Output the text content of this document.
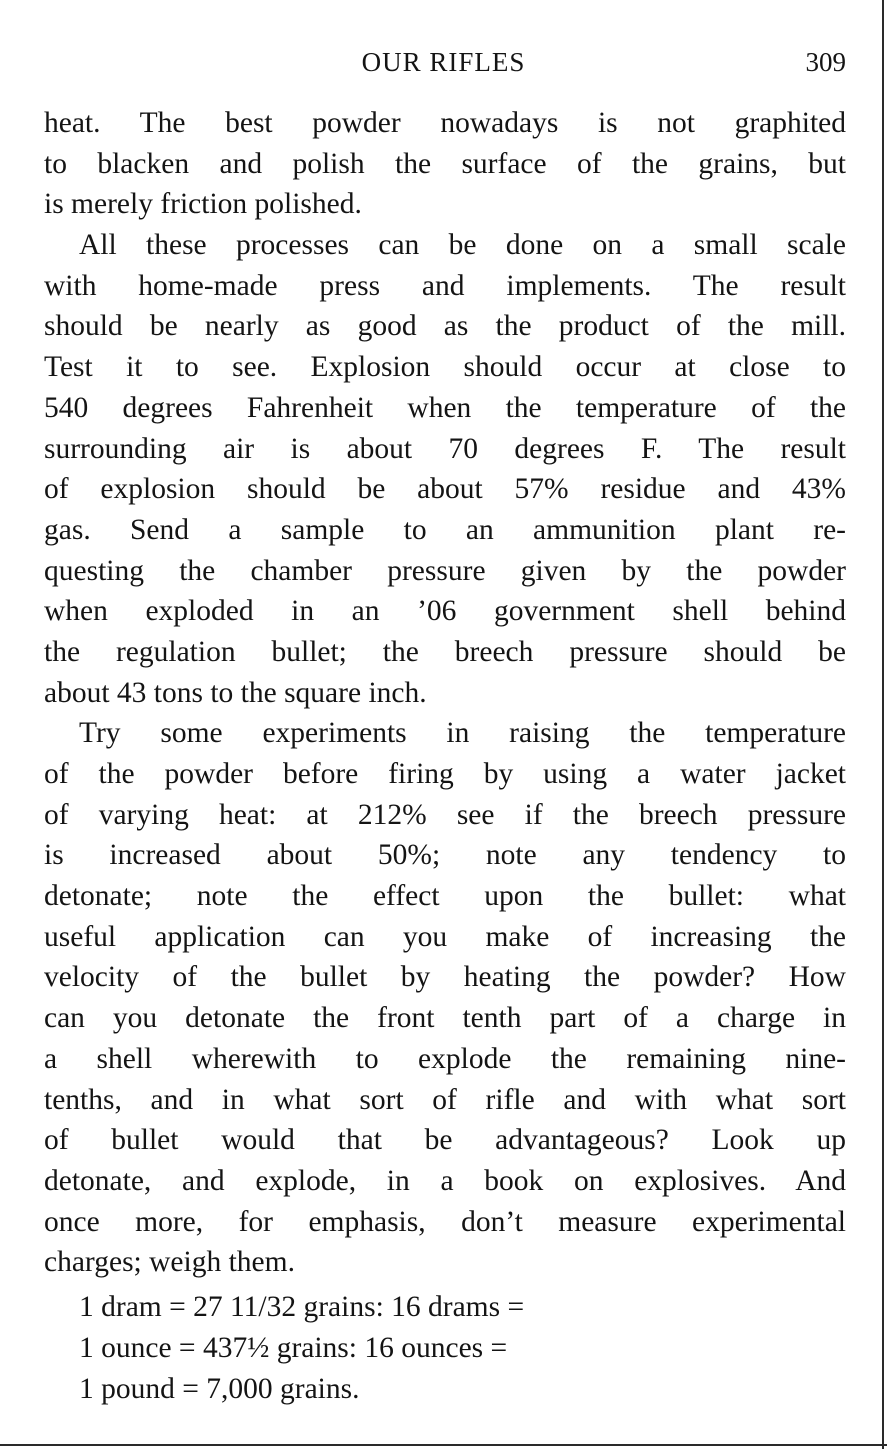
OUR RIFLES	309
heat. The best powder nowadays is not graphited
to blacken and polish the surface of the grains, but
is merely friction polished.
All these processes can be done on a small scale
with home-made press and implements. The result
should be nearly as good as the product of the mill.
Test it to see. Explosion should occur at close to
540 degrees Fahrenheit when the temperature of the
surrounding air is about 70 degrees F. The result
of explosion should be about 57% residue and 43%
gas. Send a sample to an ammunition plant re-
questing the chamber pressure given by the powder
when exploded in an ’06 government shell behind
the regulation bullet; the breech pressure should be
about 43 tons to the square inch.
Try some experiments in raising the temperature
of the powder before firing by using a water jacket
of varying heat: at 212% see if the breech pressure
is increased about 50%; note any tendency to
detonate; note the effect upon the bullet: what
useful application can you make of increasing the
velocity of the bullet by heating the powder? How
can you detonate the front tenth part of a charge in
a shell wherewith to explode the remaining nine-
tenths, and in what sort of rifle and with what sort
of bullet would that be advantageous? Look up
detonate, and explode, in a book on explosives. And
once more, for emphasis, don’t measure experimental
charges; weigh them.
1 dram = 27 11/32 grains: 16 drams =
1 ounce = 437½ grains: 16 ounces =
1 pound = 7,000 grains.
